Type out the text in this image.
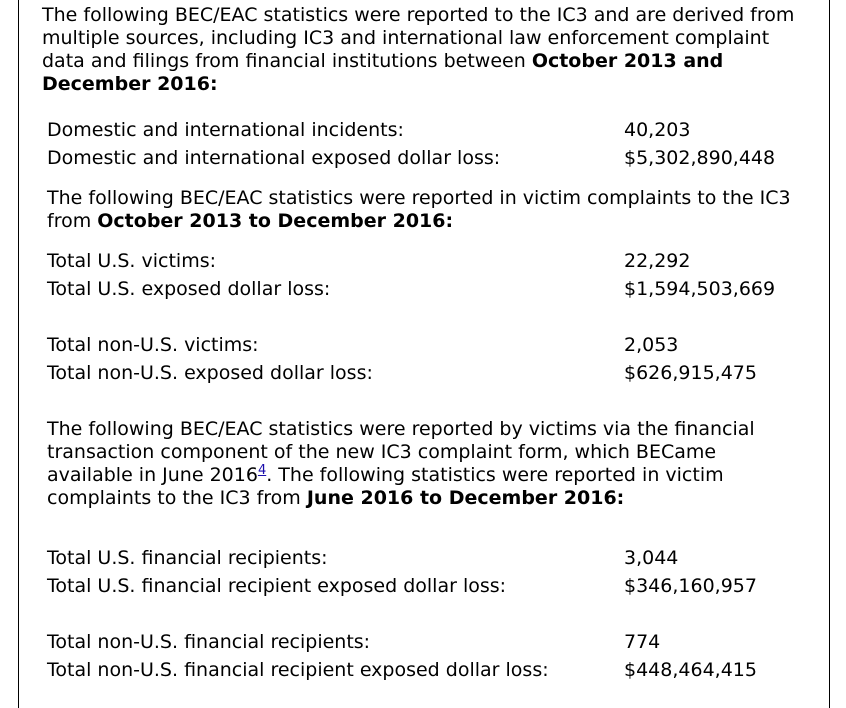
The following BEC/EAC statistics were reported to the IC3 and are derived from multiple sources, including IC3 and international law enforcement complaint data and filings from financial institutions between October 2013 and December 2016:

Domestic and international incidents:	40,203
Domestic and international exposed dollar loss:	$5,302,890,448

The following BEC/EAC statistics were reported in victim complaints to the IC3 from October 2013 to December 2016:

Total U.S. victims:	22,292
Total U.S. exposed dollar loss:	$1,594,503,669
Total non-U.S. victims:	2,053
Total non-U.S. exposed dollar loss:	$626,915,475

The following BEC/EAC statistics were reported by victims via the financial transaction component of the new IC3 complaint form, which BECame available in June 2016$^4$. The following statistics were reported in victim complaints to the IC3 from June 2016 to December 2016:

Total U.S. financial recipients:	3,044
Total U.S. financial recipient exposed dollar loss:	$346,160,957
Total non-U.S. financial recipients:	774
Total non-U.S. financial recipient exposed dollar loss:	$448,464,415
